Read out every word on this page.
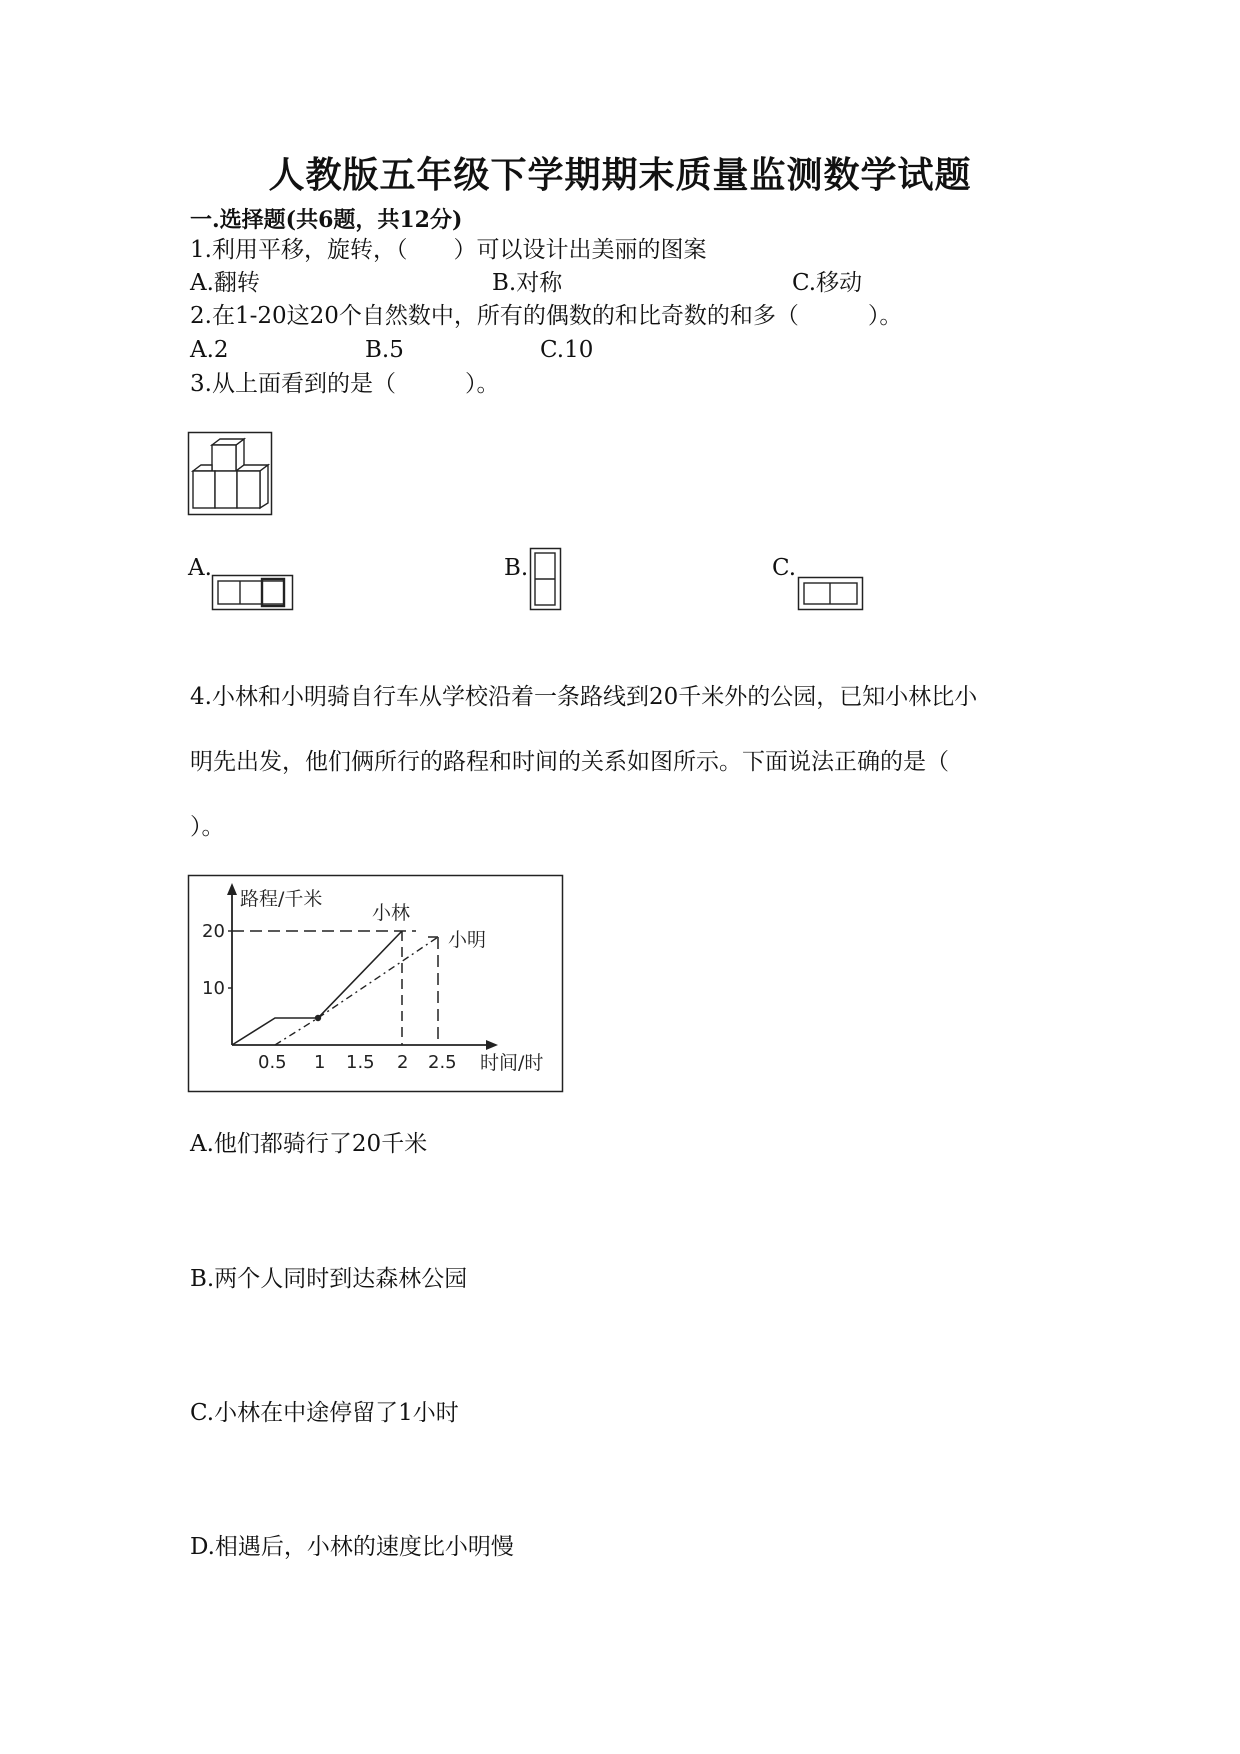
人教版五年级下学期期末质量监测数学试题
一.选择题(共6题，共12分)
1.利用平移，旋转，（　　）可以设计出美丽的图案
A.翻转	B.对称	C.移动
2.在1-20这20个自然数中，所有的偶数的和比奇数的和多（　　　）。
A.2	B.5	C.10
3.从上面看到的是（　　　）。
A.	B.	C.
4.小林和小明骑自行车从学校沿着一条路线到20千米外的公园，已知小林比小
明先出发，他们俩所行的路程和时间的关系如图所示。下面说法正确的是（
）。
路程/千米
时间/时
20
10
0.5 1 1.5 2 2.5
小林
小明
A.他们都骑行了20千米
B.两个人同时到达森林公园
C.小林在中途停留了1小时
D.相遇后，小林的速度比小明慢
